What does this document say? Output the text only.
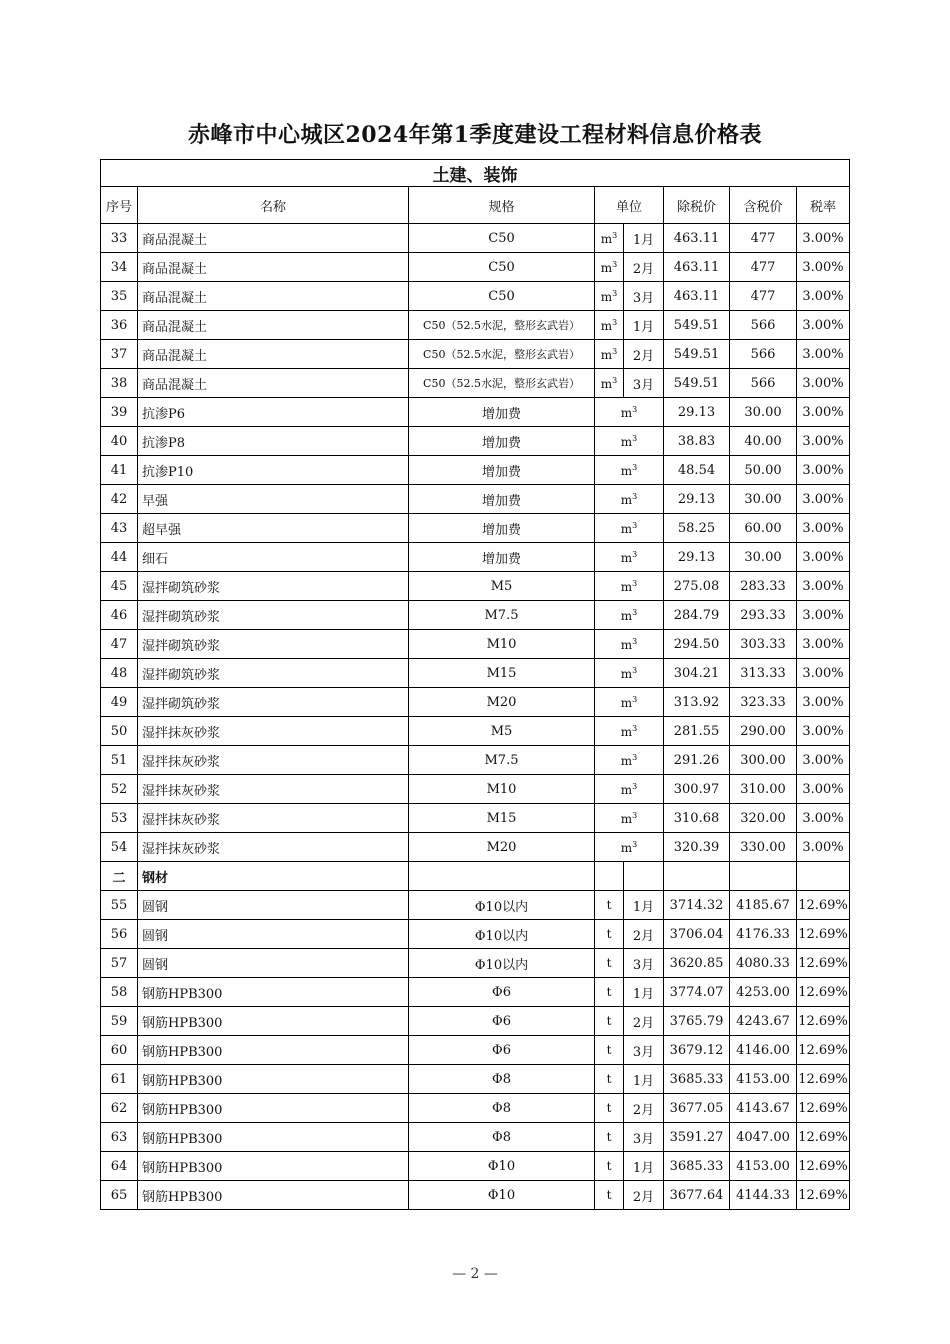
赤峰市中心城区2024年第1季度建设工程材料信息价格表
土建、装饰							
序号	名称	规格	单位		除税价	含税价	税率
33	商品混凝土	C50	$m^3$	1月	463.11	477	3.00%
34	商品混凝土	C50	$m^3$	2月	463.11	477	3.00%
35	商品混凝土	C50	$m^3$	3月	463.11	477	3.00%
36	商品混凝土	C50（52.5水泥，整形玄武岩）	$m^3$	1月	549.51	566	3.00%
37	商品混凝土	C50（52.5水泥，整形玄武岩）	$m^3$	2月	549.51	566	3.00%
38	商品混凝土	C50（52.5水泥，整形玄武岩）	$m^3$	3月	549.51	566	3.00%
39	抗渗P6	增加费	$m^3$		29.13	30.00	3.00%
40	抗渗P8	增加费	$m^3$		38.83	40.00	3.00%
41	抗渗P10	增加费	$m^3$		48.54	50.00	3.00%
42	早强	增加费	$m^3$		29.13	30.00	3.00%
43	超早强	增加费	$m^3$		58.25	60.00	3.00%
44	细石	增加费	$m^3$		29.13	30.00	3.00%
45	湿拌砌筑砂浆	M5	$m^3$		275.08	283.33	3.00%
46	湿拌砌筑砂浆	M7.5	$m^3$		284.79	293.33	3.00%
47	湿拌砌筑砂浆	M10	$m^3$		294.50	303.33	3.00%
48	湿拌砌筑砂浆	M15	$m^3$		304.21	313.33	3.00%
49	湿拌砌筑砂浆	M20	$m^3$		313.92	323.33	3.00%
50	湿拌抹灰砂浆	M5	$m^3$		281.55	290.00	3.00%
51	湿拌抹灰砂浆	M7.5	$m^3$		291.26	300.00	3.00%
52	湿拌抹灰砂浆	M10	$m^3$		300.97	310.00	3.00%
53	湿拌抹灰砂浆	M15	$m^3$		310.68	320.00	3.00%
54	湿拌抹灰砂浆	M20	$m^3$		320.39	330.00	3.00%
二	钢材						
55	圆钢	Φ10以内	t	1月	3714.32	4185.67	12.69%
56	圆钢	Φ10以内	t	2月	3706.04	4176.33	12.69%
57	圆钢	Φ10以内	t	3月	3620.85	4080.33	12.69%
58	钢筋HPB300	Φ6	t	1月	3774.07	4253.00	12.69%
59	钢筋HPB300	Φ6	t	2月	3765.79	4243.67	12.69%
60	钢筋HPB300	Φ6	t	3月	3679.12	4146.00	12.69%
61	钢筋HPB300	Φ8	t	1月	3685.33	4153.00	12.69%
62	钢筋HPB300	Φ8	t	2月	3677.05	4143.67	12.69%
63	钢筋HPB300	Φ8	t	3月	3591.27	4047.00	12.69%
64	钢筋HPB300	Φ10	t	1月	3685.33	4153.00	12.69%
65	钢筋HPB300	Φ10	t	2月	3677.64	4144.33	12.69%
— 2 —
